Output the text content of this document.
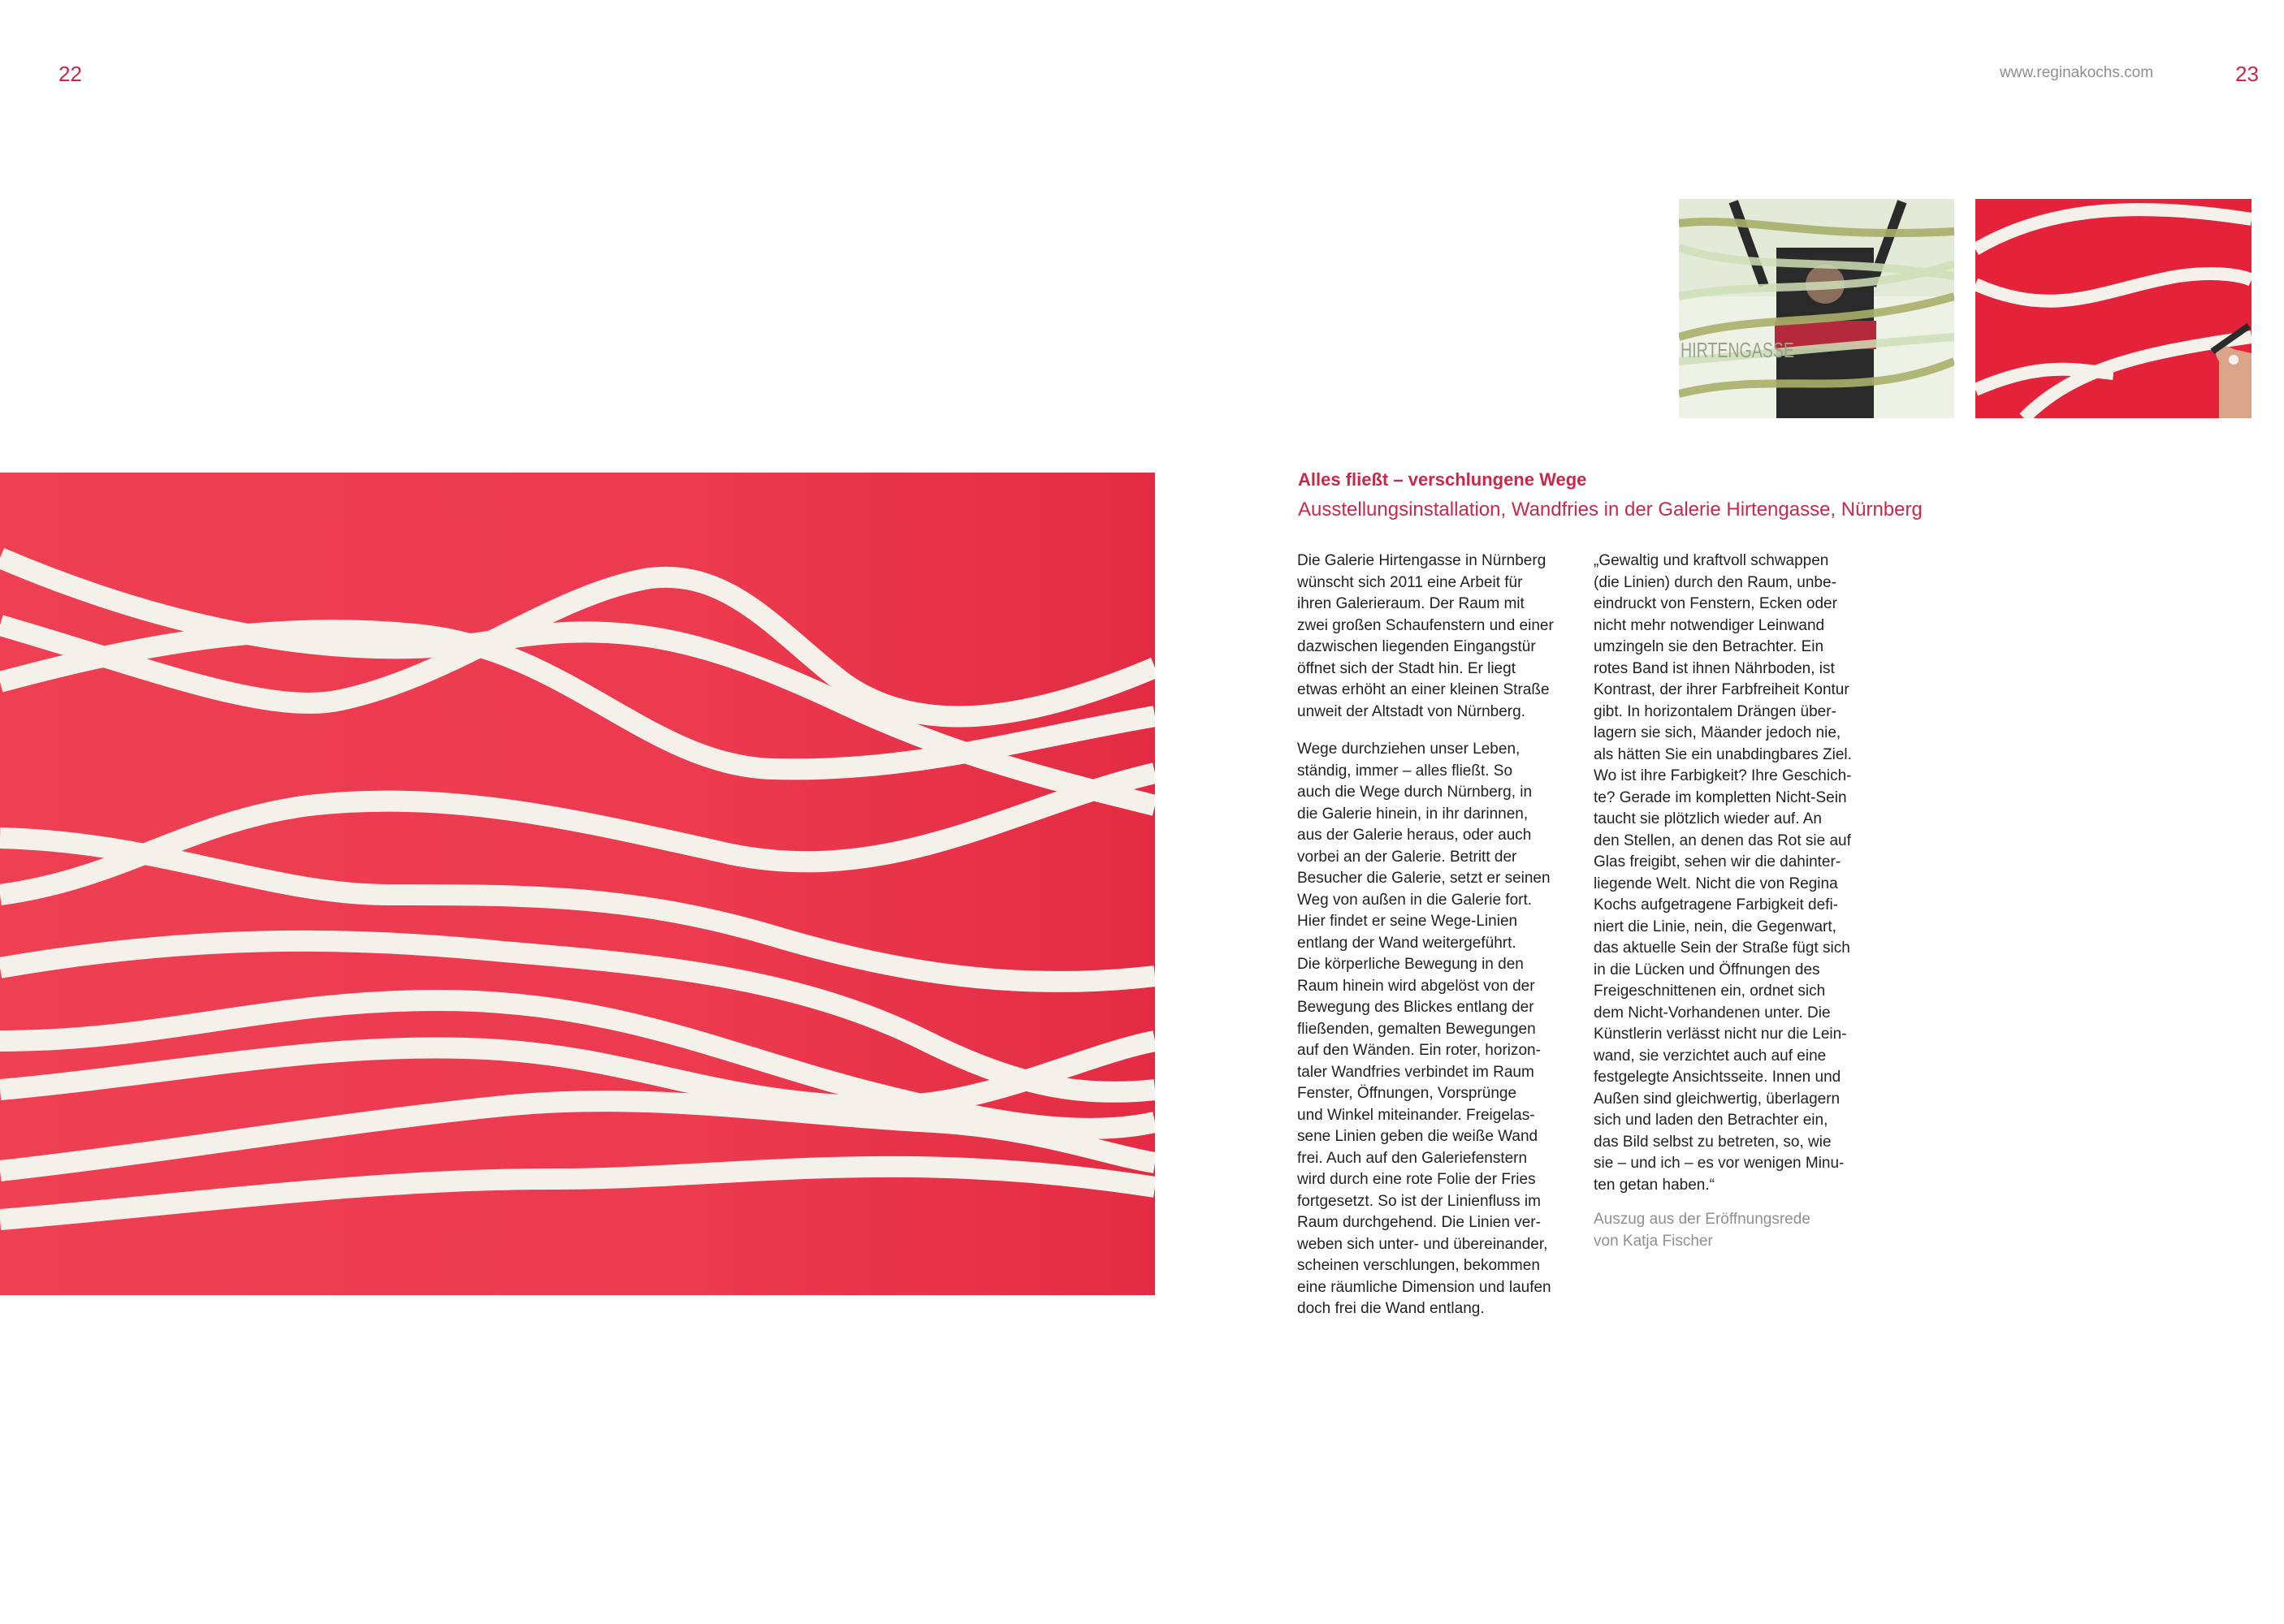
22	www.reginakochs.com	23
HIRTENGASSE
Alles fließt – verschlungene Wege
Ausstellungsinstallation, Wandfries in der Galerie Hirtengasse, Nürnberg

Die Galerie Hirtengasse in Nürnberg
wünscht sich 2011 eine Arbeit für
ihren Galerieraum. Der Raum mit
zwei großen Schaufenstern und einer
dazwischen liegenden Eingangstür
öffnet sich der Stadt hin. Er liegt
etwas erhöht an einer kleinen Straße
unweit der Altstadt von Nürnberg.

Wege durchziehen unser Leben,
ständig, immer – alles fließt. So
auch die Wege durch Nürnberg, in
die Galerie hinein, in ihr darinnen,
aus der Galerie heraus, oder auch
vorbei an der Galerie. Betritt der
Besucher die Galerie, setzt er seinen
Weg von außen in die Galerie fort.
Hier findet er seine Wege-Linien
entlang der Wand weitergeführt.
Die körperliche Bewegung in den
Raum hinein wird abgelöst von der
Bewegung des Blickes entlang der
fließenden, gemalten Bewegungen
auf den Wänden. Ein roter, horizon-
taler Wandfries verbindet im Raum
Fenster, Öffnungen, Vorsprünge
und Winkel miteinander. Freigelas-
sene Linien geben die weiße Wand
frei. Auch auf den Galeriefenstern
wird durch eine rote Folie der Fries
fortgesetzt. So ist der Linienfluss im
Raum durchgehend. Die Linien ver-
weben sich unter- und übereinander,
scheinen verschlungen, bekommen
eine räumliche Dimension und laufen
doch frei die Wand entlang.

„Gewaltig und kraftvoll schwappen
(die Linien) durch den Raum, unbe-
eindruckt von Fenstern, Ecken oder
nicht mehr notwendiger Leinwand
umzingeln sie den Betrachter. Ein
rotes Band ist ihnen Nährboden, ist
Kontrast, der ihrer Farbfreiheit Kontur
gibt. In horizontalem Drängen über-
lagern sie sich, Mäander jedoch nie,
als hätten Sie ein unabdingbares Ziel.
Wo ist ihre Farbigkeit? Ihre Geschich-
te? Gerade im kompletten Nicht-Sein
taucht sie plötzlich wieder auf. An
den Stellen, an denen das Rot sie auf
Glas freigibt, sehen wir die dahinter-
liegende Welt. Nicht die von Regina
Kochs aufgetragene Farbigkeit defi-
niert die Linie, nein, die Gegenwart,
das aktuelle Sein der Straße fügt sich
in die Lücken und Öffnungen des
Freigeschnittenen ein, ordnet sich
dem Nicht-Vorhandenen unter. Die
Künstlerin verlässt nicht nur die Lein-
wand, sie verzichtet auch auf eine
festgelegte Ansichtsseite. Innen und
Außen sind gleichwertig, überlagern
sich und laden den Betrachter ein,
das Bild selbst zu betreten, so, wie
sie – und ich – es vor wenigen Minu-
ten getan haben.“

Auszug aus der Eröffnungsrede
von Katja Fischer
